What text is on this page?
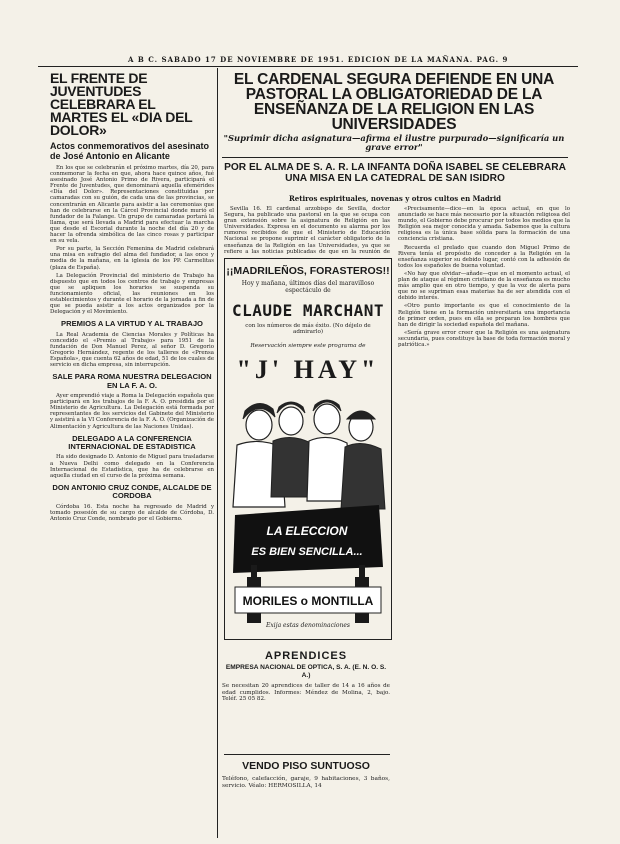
A B C. SABADO 17 DE NOVIEMBRE DE 1951. EDICION DE LA MAÑANA. PAG. 9
EL FRENTE DE JUVENTUDES CELEBRARA EL MARTES EL «DIA DEL DOLOR»
Actos conmemorativos del asesinato de José Antonio en Alicante

En los que se celebrarán el próximo martes, día 20, para conmemorar la fecha en que, ahora hace quince años, fué asesinado José Antonio Primo de Rivera, participará el Frente de Juventudes, que denominará aquella efemérides «Día del Dolor». Representaciones constituidas por camaradas con su guión, de cada una de las provincias, se concentrarán en Alicante para asistir a las ceremonias que han de celebrarse en la Cárcel Provincial donde murió el fundador de la Falange. Un grupo de camaradas portará la llama, que será llevada a Madrid para efectuar la marcha que desde el Escorial durante la noche del día 20 y de hacer la ofrenda simbólica de las cinco rosas y participar en su vela.

Por su parte, la Sección Femenina de Madrid celebrará una misa en sufragio del alma del fundador, a las once y media de la mañana, en la iglesia de los PP. Carmelitas (plaza de España).

La Delegación Provincial del ministerio de Trabajo ha dispuesto que en todos los centros de trabajo y empresas que se apliquen los horarios se suspenda su funcionamiento oficial, las reuniones en los establecimientos y durante el horario de la jornada a fin de que se pueda asistir a los actos organizados por la Delegación y el Movimiento.

PREMIOS A LA VIRTUD Y AL TRABAJO

La Real Academia de Ciencias Morales y Políticas ha concedido el «Premio al Trabajo» para 1951 de la fundación de Don Manuel Perez, al señor D. Gregorio Gregorio Hernández, regente de los talleres de «Prensa Española», que cuenta 62 años de edad, 51 de los cuales de servicio en dicha empresa, sin interrupción.

SALE PARA ROMA NUESTRA DELEGACION EN LA F. A. O.

Ayer emprendió viaje a Roma la Delegación española que participará en los trabajos de la F. A. O. presidida por el Ministerio de Agricultura. La Delegación está formada por representantes de los servicios del Gabinete del Ministerio y asistirá a la VI Conferencia de la F. A. O. (Organización de Alimentación y Agricultura de las Naciones Unidas).

DELEGADO A LA CONFERENCIA INTERNACIONAL DE ESTADISTICA

Ha sido designado D. Antonio de Miguel para trasladarse a Nueva Delhi como delegado en la Conferencia Internacional de Estadística, que ha de celebrarse en aquella ciudad en el curso de la próxima semana.

DON ANTONIO CRUZ CONDE, ALCALDE DE CORDOBA

Córdoba 16. Esta noche ha regresado de Madrid y tomado posesión de su cargo de alcalde de Córdoba, D. Antonio Cruz Conde, nombrado por el Gobierno.

EL CARDENAL SEGURA DEFIENDE EN UNA PASTORAL LA OBLIGATORIEDAD DE LA ENSEÑANZA DE LA RELIGION EN LAS UNIVERSIDADES
"Suprimir dicha asignatura—afirma el ilustre purpurado—significaría un grave error"
POR EL ALMA DE S. A. R. LA INFANTA DOÑA ISABEL SE CELEBRARA UNA MISA EN LA CATEDRAL DE SAN ISIDRO
Retiros espirituales, novenas y otros cultos en Madrid

Sevilla 16. El cardenal arzobispo de Sevilla, doctor Segura, ha publicado una pastoral en la que se ocupa con gran extensión sobre la asignatura de Religión en las Universidades. Expresa en el documento su alarma por los rumores recibidos de que el Ministerio de Educación Nacional se propone suprimir el carácter obligatorio de la enseñanza de la Religión en las Universidades, ya que se refiere a las noticias publicadas de que en la reunión de

«Precisamente—dice—en la época actual, en que lo anunciado se hace más necesario por la situación religiosa del mundo, el Gobierno debe procurar por todos los medios que la Religión sea mejor conocida y amada. Sabemos que la cultura religiosa es la única base sólida para la formación de una conciencia cristiana.

Recuerda el prelado que cuando don Miguel Primo de Rivera tenía el propósito de conceder a la Religión en la enseñanza superior su debido lugar, contó con la adhesión de todos los españoles de buena voluntad.

«No hay que olvidar—añade—que en el momento actual, el plan de ataque al régimen cristiano de la enseñanza es mucho más amplio que en otro tiempo, y que la voz de alerta para que no se supriman esas materias ha de ser atendida con el debido interés.

«Otro punto importante es que el conocimiento de la Religión tiene en la formación universitaria una importancia de primer orden, pues en ella se preparan los hombres que han de dirigir la sociedad española del mañana.

«Sería grave error creer que la Religión es una asignatura secundaria, pues constituye la base de toda formación moral y patriótica.»

¡¡MADRILEÑOS, FORASTEROS!!
Hoy y mañana, últimos días del maravilloso espectáculo de
CLAUDE MARCHANT
con los números de más éxito. (No déjelo de admirarlo)
Reservación siempre este programa de
"J' HAY"
LA ELECCION
ES BIEN SENCILLA...
MORILES o MONTILLA
Exija estas denominaciones
APRENDICES
EMPRESA NACIONAL DE OPTICA, S. A. (E. N. O. S. A.)
Se necesitan 20 aprendices de taller de 14 a 16 años de edad cumplidos. Informes: Méndez de Molina, 2, bajo. Teléf. 25 05 82.
VENDO PISO SUNTUOSO
Teléfono, calefacción, garaje, 9 habitaciones, 3 baños, servicio. Véalo: HERMOSILLA, 14
